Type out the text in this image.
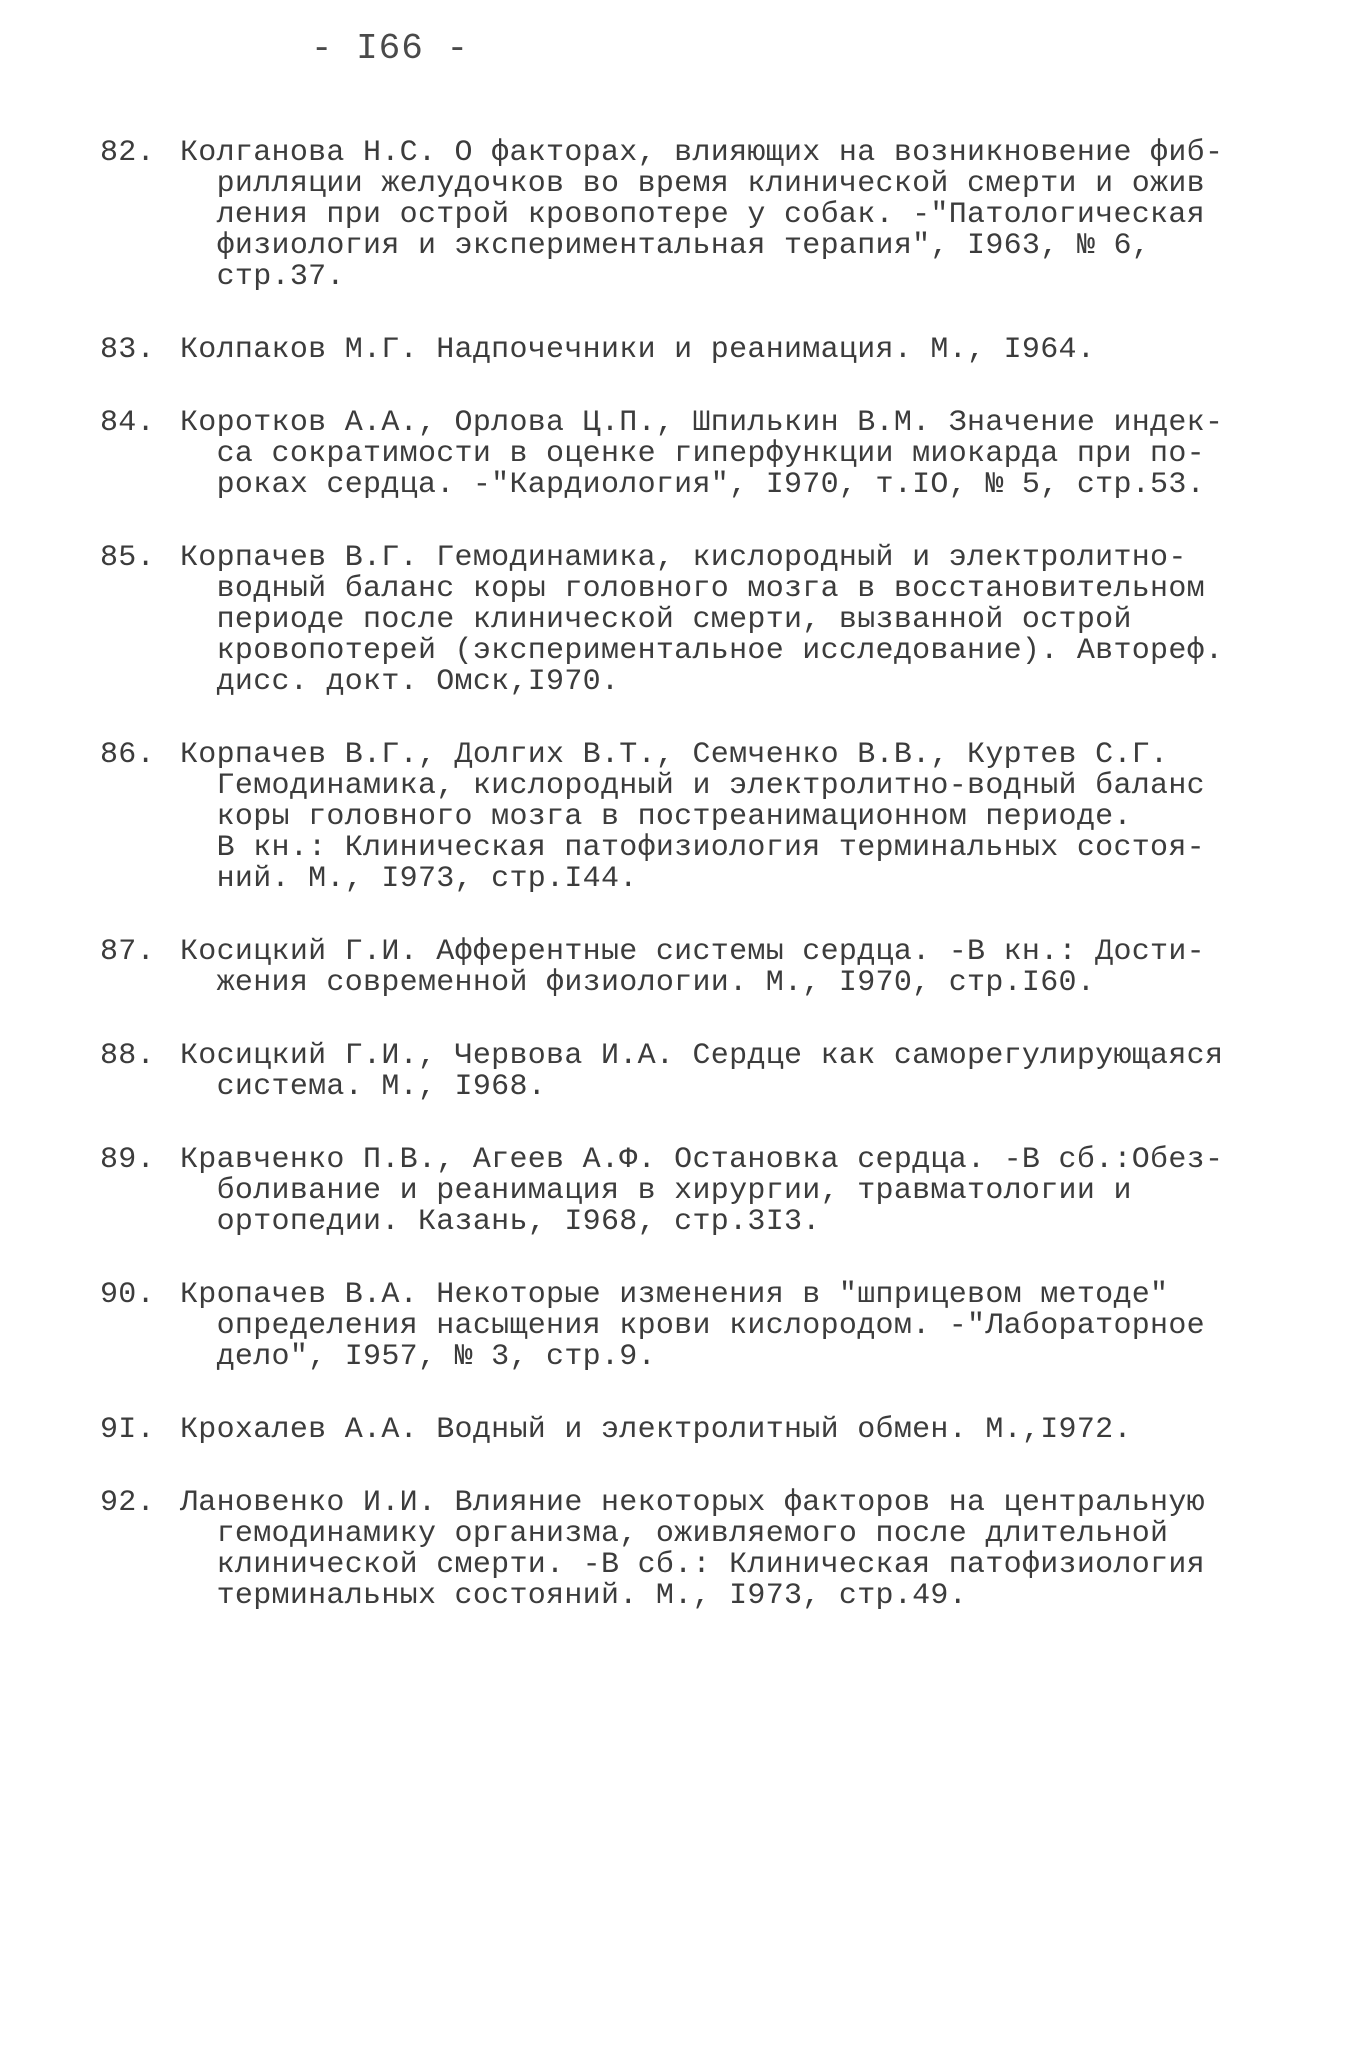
- I66 -
82. Колганова Н.С. О факторах, влияющих на возникновение фиб-
рилляции желудочков во время клинической смерти и ожив
ления при острой кровопотере у собак. -"Патологическая
физиология и экспериментальная терапия", I963, № 6,
стр.37.
83. Колпаков М.Г. Надпочечники и реанимация. М., I964.
84. Коротков А.А., Орлова Ц.П., Шпилькин В.М. Значение индек-
са сократимости в оценке гиперфункции миокарда при по-
роках сердца. -"Кардиология", I970, т.IO, № 5, стр.53.
85. Корпачев В.Г. Гемодинамика, кислородный и электролитно-
водный баланс коры головного мозга в восстановительном
периоде после клинической смерти, вызванной острой
кровопотерей (экспериментальное исследование). Автореф.
дисс. докт. Омск,I970.
86. Корпачев В.Г., Долгих В.Т., Семченко В.В., Куртев С.Г.
Гемодинамика, кислородный и электролитно-водный баланс
коры головного мозга в постреанимационном периоде.
В кн.: Клиническая патофизиология терминальных состоя-
ний. М., I973, стр.I44.
87. Косицкий Г.И. Афферентные системы сердца. -В кн.: Дости-
жения современной физиологии. М., I970, стр.I60.
88. Косицкий Г.И., Червова И.А. Сердце как саморегулирующаяся
система. М., I968.
89. Кравченко П.В., Агеев А.Ф. Остановка сердца. -В сб.:Обез-
боливание и реанимация в хирургии, травматологии и
ортопедии. Казань, I968, стр.3I3.
90. Кропачев В.А. Некоторые изменения в "шприцевом методе"
определения насыщения крови кислородом. -"Лабораторное
дело", I957, № 3, стр.9.
9I. Крохалев А.А. Водный и электролитный обмен. М.,I972.
92. Лановенко И.И. Влияние некоторых факторов на центральную
гемодинамику организма, оживляемого после длительной
клинической смерти. -В сб.: Клиническая патофизиология
терминальных состояний. М., I973, стр.49.
